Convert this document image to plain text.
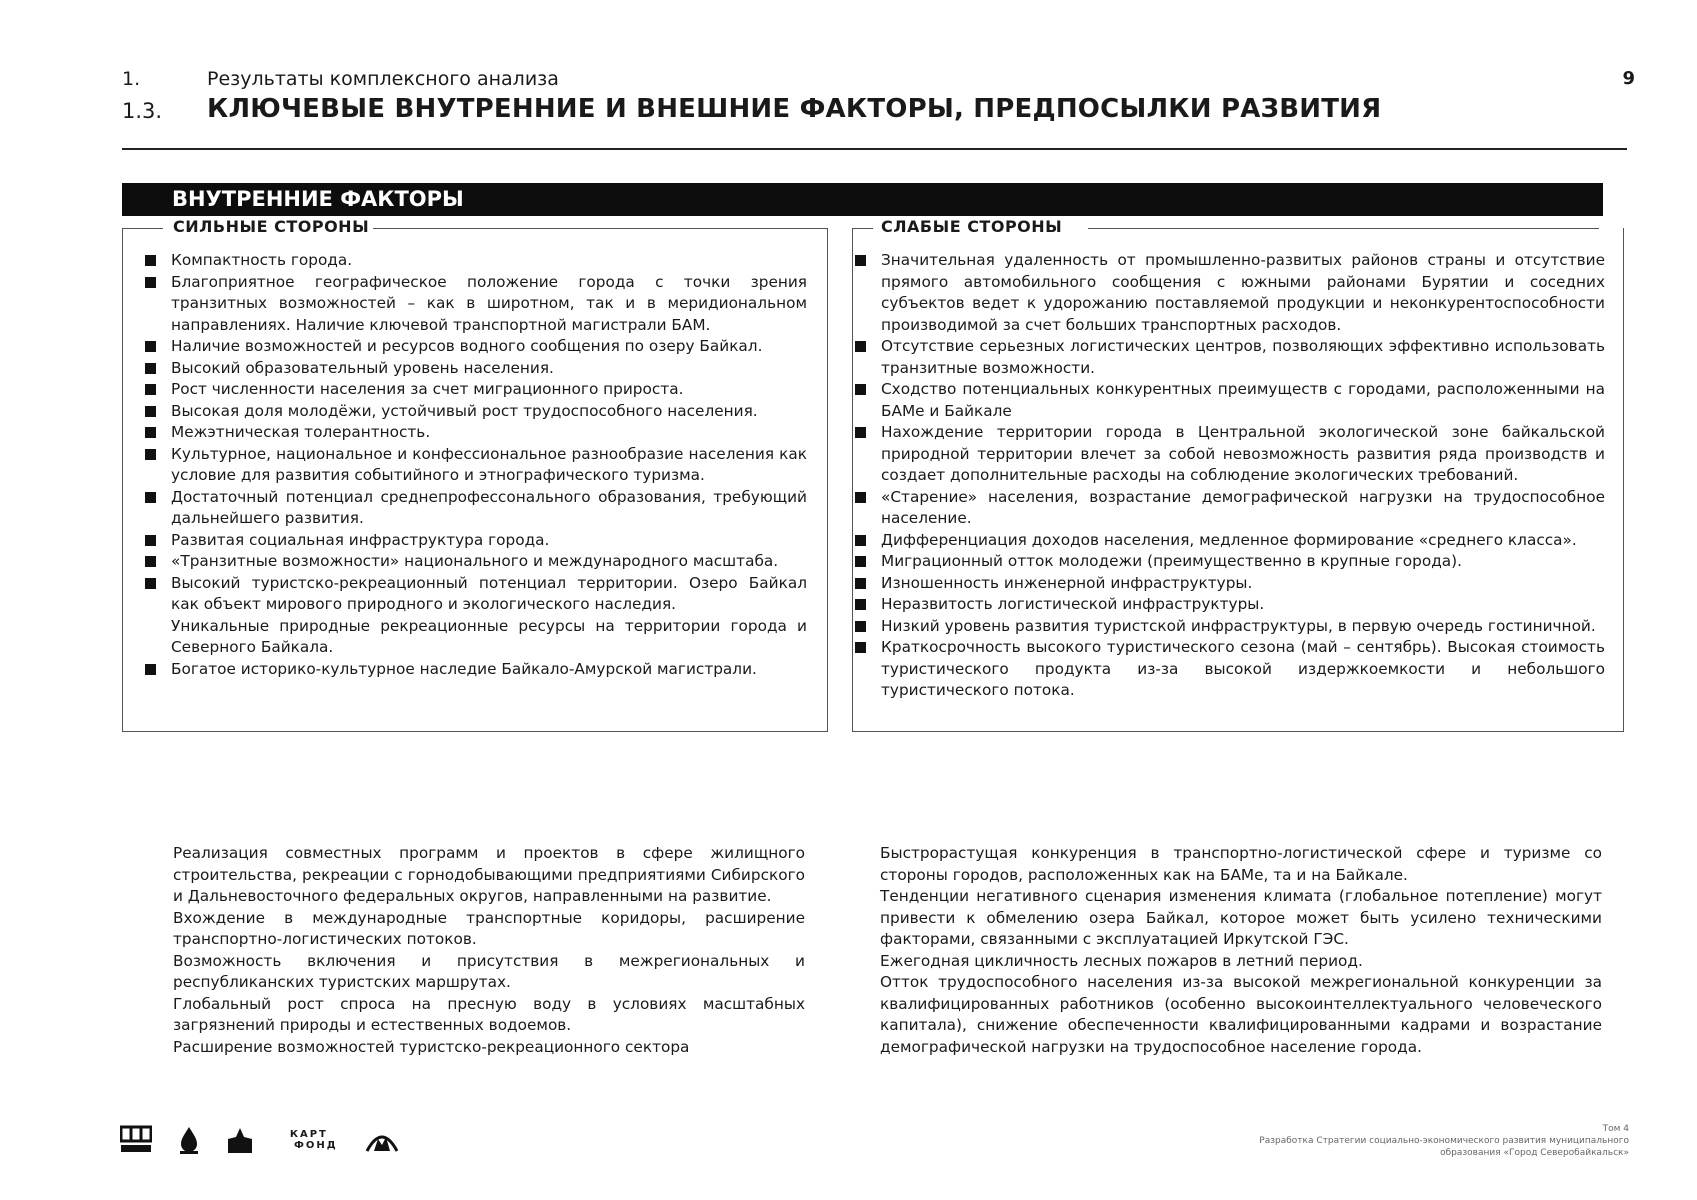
1.	Результаты комплексного анализа
1.3. КЛЮЧЕВЫЕ ВНУТРЕННИЕ И ВНЕШНИЕ ФАКТОРЫ, ПРЕДПОСЫЛКИ РАЗВИТИЯ
9
ВНУТРЕННИЕ ФАКТОРЫ
СИЛЬНЫЕ СТОРОНЫ
Компактность города.
Благоприятное географическое положение города с точки зрения транзитных возможностей – как в широтном, так и в меридиональном направлениях. Наличие ключевой транспортной магистрали БАМ.
Наличие возможностей и ресурсов водного сообщения по озеру Байкал.
Высокий образовательный уровень населения.
Рост численности населения за счет миграционного прироста.
Высокая доля молодёжи, устойчивый рост трудоспособного населения.
Межэтническая толерантность.
Культурное, национальное и конфессиональное разнообразие населения как условие для развития событийного и этнографического туризма.
Достаточный потенциал среднепрофессонального образования, требующий дальнейшего развития.
Развитая социальная инфраструктура города.
«Транзитные возможности» национального и международного масштаба.
Высокий туристско-рекреационный потенциал территории. Озеро Байкал как объект мирового природного и экологического наследия.
Уникальные природные рекреационные ресурсы на территории города и Северного Байкала.
Богатое историко-культурное наследие Байкало-Амурской магистрали.
СЛАБЫЕ СТОРОНЫ
Значительная удаленность от промышленно-развитых районов страны и отсутствие прямого автомобильного сообщения с южными районами Бурятии и соседних субъектов ведет к удорожанию поставляемой продукции и неконкурентоспособности производимой за счет больших транспортных расходов.
Отсутствие серьезных логистических центров, позволяющих эффективно использовать транзитные возможности.
Сходство потенциальных конкурентных преимуществ с городами, расположенными на БАМе и Байкале
Нахождение территории города в Центральной экологической зоне байкальской природной территории влечет за собой невозможность развития ряда производств и создает дополнительные расходы на соблюдение экологических требований.
«Старение» населения, возрастание демографической нагрузки на трудоспособное население.
Дифференциация доходов населения, медленное формирование «среднего класса».
Миграционный отток молодежи (преимущественно в крупные города).
Изношенность инженерной инфраструктуры.
Неразвитость логистической инфраструктуры.
Низкий уровень развития туристской инфраструктуры, в первую очередь гостиничной.
Краткосрочность высокого туристического сезона (май – сентябрь). Высокая стоимость туристического продукта из-за высокой издержкоемкости и небольшого туристического потока.

Реализация совместных программ и проектов в сфере жилищного строительства, рекреации с горнодобывающими предприятиями Сибирского и Дальневосточного федеральных округов, направленными на развитие.

Вхождение в международные транспортные коридоры, расширение транспортно-логистических потоков.

Возможность включения и присутствия в межрегиональных и республиканских туристских маршрутах.

Глобальный рост спроса на пресную воду в условиях масштабных загрязнений природы и естественных водоемов.

Расширение возможностей туристско-рекреационного сектора

Быстрорастущая конкуренция в транспортно-логистической сфере и туризме со стороны городов, расположенных как на БАМе, та и на Байкале.

Тенденции негативного сценария изменения климата (глобальное потепление) могут привести к обмелению озера Байкал, которое может быть усилено техническими факторами, связанными с эксплуатацией Иркутской ГЭС.

Ежегодная цикличность лесных пожаров в летний период.

Отток трудоспособного населения из-за высокой межрегиональной конкуренции за квалифицированных работников (особенно высокоинтеллектуального человеческого капитала), снижение обеспеченности квалифицированными кадрами и возрастание демографической нагрузки на трудоспособное население города.

КАРТ
ФОНД
Том 4
Разработка Стратегии социально-экономического развития муниципального
образования «Город Северобайкальск»
